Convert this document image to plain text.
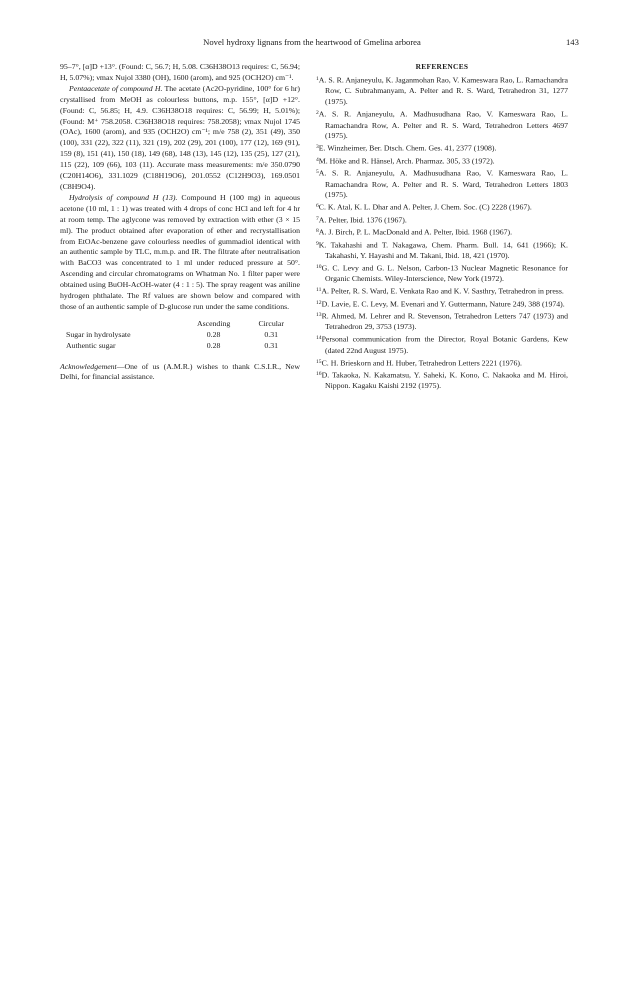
Novel hydroxy lignans from the heartwood of Gmelina arborea	143

95–7°, [α]D +13°. (Found: C, 56.7; H, 5.08. C36H38O13 requires: C, 56.94; H, 5.07%); νmax Nujol 3380 (OH), 1600 (arom), and 925 (OCH2O) cm⁻¹.

Pentaacetate of compound H. The acetate (Ac2O-pyridine, 100° for 6 hr) crystallised from MeOH as colourless buttons, m.p. 155°, [α]D +12°. (Found: C, 56.85; H, 4.9. C36H38O18 requires: C, 56.99; H, 5.01%); (Found: M⁺ 758.2058. C36H38O18 requires: 758.2058); νmax Nujol 1745 (OAc), 1600 (arom), and 935 (OCH2O) cm⁻¹; m/e 758 (2), 351 (49), 350 (100), 331 (22), 322 (11), 321 (19), 202 (29), 201 (100), 177 (12), 169 (91), 159 (8), 151 (41), 150 (18), 149 (68), 148 (13), 145 (12), 135 (25), 127 (21), 115 (22), 109 (66), 103 (11). Accurate mass measurements: m/e 350.0790 (C20H14O6), 331.1029 (C18H19O6), 201.0552 (C12H9O3), 169.0501 (C8H9O4).

Hydrolysis of compound H (13). Compound H (100 mg) in aqueous acetone (10 ml, 1 : 1) was treated with 4 drops of conc HCl and left for 4 hr at room temp. The aglycone was removed by extraction with ether (3 × 15 ml). The product obtained after evaporation of ether and recrystallisation from EtOAc-benzene gave colourless needles of gummadiol identical with an authentic sample by TLC, m.m.p. and IR. The filtrate after neutralisation with BaCO3 was concentrated to 1 ml under reduced pressure at 50°. Ascending and circular chromatograms on Whatman No. 1 filter paper were obtained using BuOH-AcOH-water (4 : 1 : 5). The spray reagent was aniline hydrogen phthalate. The Rf values are shown below and compared with those of an authentic sample of D-glucose run under the same conditions.

	Ascending	Circular
Sugar in hydrolysate	0.28	0.31
Authentic sugar	0.28	0.31

Acknowledgement—One of us (A.M.R.) wishes to thank C.S.I.R., New Delhi, for financial assistance.

REFERENCES

$^1$A. S. R. Anjaneyulu, K. Jaganmohan Rao, V. Kameswara Rao, L. Ramachandra Row, C. Subrahmanyam, A. Pelter and R. S. Ward, Tetrahedron 31, 1277 (1975).

$^2$A. S. R. Anjaneyulu, A. Madhusudhana Rao, V. Kameswara Rao, L. Ramachandra Row, A. Pelter and R. S. Ward, Tetrahedron Letters 4697 (1975).

$^3$E. Winzheimer, Ber. Dtsch. Chem. Ges. 41, 2377 (1908).

$^4$M. Höke and R. Hänsel, Arch. Pharmaz. 305, 33 (1972).

$^5$A. S. R. Anjaneyulu, A. Madhusudhana Rao, V. Kameswara Rao, L. Ramachandra Row, A. Pelter and R. S. Ward, Tetrahedron Letters 1803 (1975).

$^6$C. K. Atal, K. L. Dhar and A. Pelter, J. Chem. Soc. (C) 2228 (1967).

$^7$A. Pelter, Ibid. 1376 (1967).

$^8$A. J. Birch, P. L. MacDonald and A. Pelter, Ibid. 1968 (1967).

$^9$K. Takahashi and T. Nakagawa, Chem. Pharm. Bull. 14, 641 (1966); K. Takahashi, Y. Hayashi and M. Takani, Ibid. 18, 421 (1970).

$^{10}$G. C. Levy and G. L. Nelson, Carbon-13 Nuclear Magnetic Resonance for Organic Chemists. Wiley-Interscience, New York (1972).

$^{11}$A. Pelter, R. S. Ward, E. Venkata Rao and K. V. Sasthry, Tetrahedron in press.

$^{12}$D. Lavie, E. C. Levy, M. Evenari and Y. Guttermann, Nature 249, 388 (1974).

$^{13}$R. Ahmed, M. Lehrer and R. Stevenson, Tetrahedron Letters 747 (1973) and Tetrahedron 29, 3753 (1973).

$^{14}$Personal communication from the Director, Royal Botanic Gardens, Kew (dated 22nd August 1975).

$^{15}$C. H. Brieskorn and H. Huber, Tetrahedron Letters 2221 (1976).

$^{16}$D. Takaoka, N. Kakamatsu, Y. Saheki, K. Kono, C. Nakaoka and M. Hiroi, Nippon. Kagaku Kaishi 2192 (1975).
